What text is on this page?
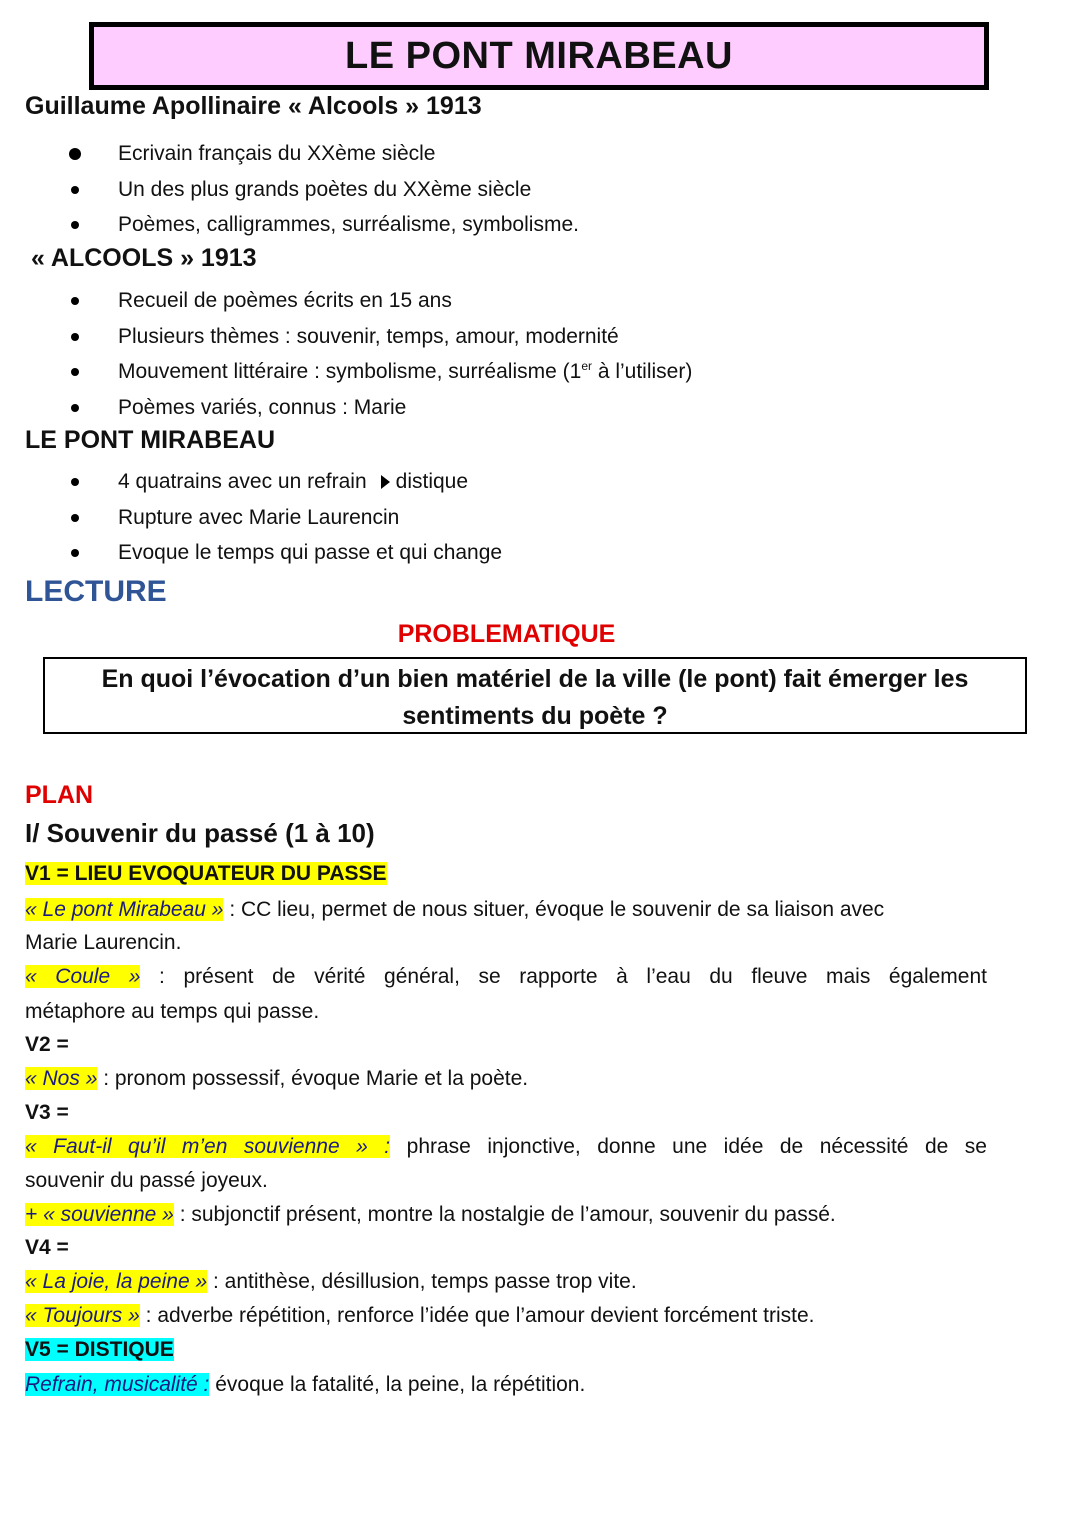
LE PONT MIRABEAU
Guillaume Apollinaire « Alcools » 1913
Ecrivain français du XXème siècle
Un des plus grands poètes du XXème siècle
Poèmes, calligrammes, surréalisme, symbolisme.
« ALCOOLS » 1913
Recueil de poèmes écrits en 15 ans
Plusieurs thèmes : souvenir, temps, amour, modernité
Mouvement littéraire : symbolisme, surréalisme (1er à l’utiliser)
Poèmes variés, connus : Marie
LE PONT MIRABEAU
4 quatrains avec un refrain distique
Rupture avec Marie Laurencin
Evoque le temps qui passe et qui change
LECTURE
PROBLEMATIQUE
En quoi l’évocation d’un bien matériel de la ville (le pont) fait émerger les
sentiments du poète ?
PLAN
I/ Souvenir du passé (1 à 10)
V1 = LIEU EVOQUATEUR DU PASSE
« Le pont Mirabeau » : CC lieu, permet de nous situer, évoque le souvenir de sa liaison avec
Marie Laurencin.
« Coule » : présent de vérité général, se rapporte à l’eau du fleuve mais également
métaphore au temps qui passe.
V2 =
« Nos » : pronom possessif, évoque Marie et la poète.
V3 =
« Faut-il qu’il m’en souvienne » : phrase injonctive, donne une idée de nécessité de se
souvenir du passé joyeux.
+ « souvienne » : subjonctif présent, montre la nostalgie de l’amour, souvenir du passé.
V4 =
« La joie, la peine » : antithèse, désillusion, temps passe trop vite.
« Toujours » : adverbe répétition, renforce l’idée que l’amour devient forcément triste.
V5 = DISTIQUE
Refrain, musicalité : évoque la fatalité, la peine, la répétition.
